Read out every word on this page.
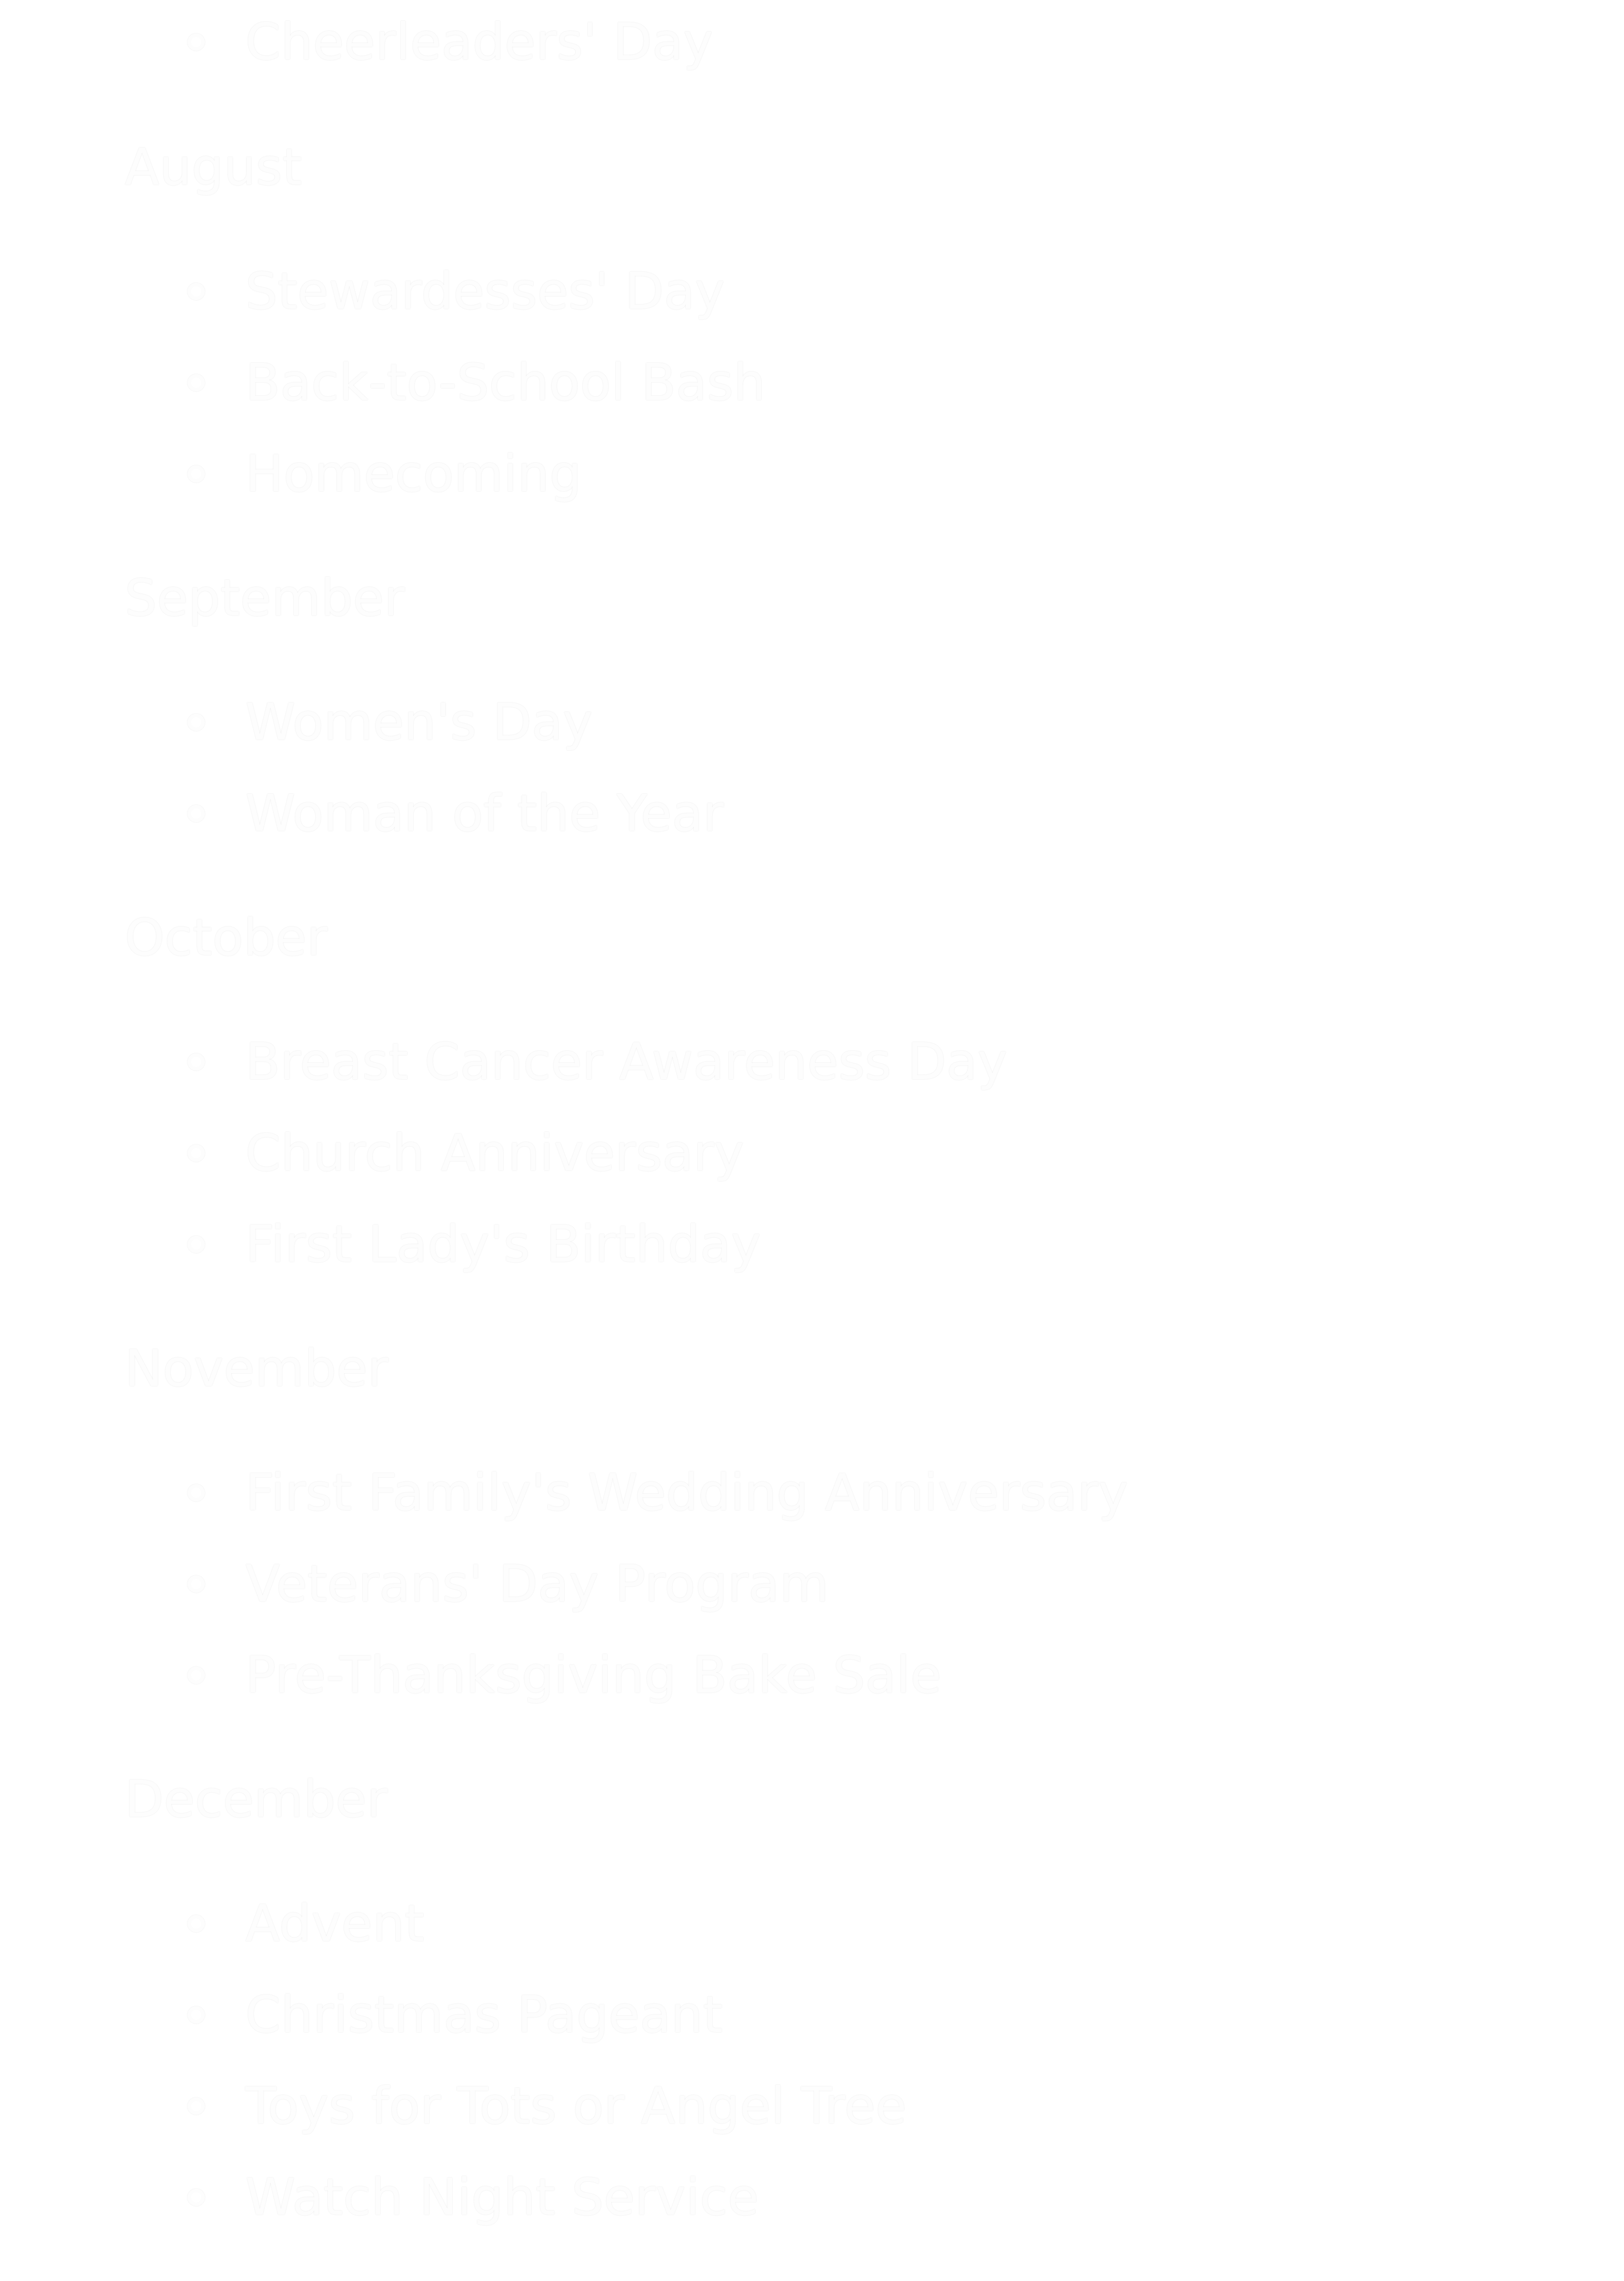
Cheerleaders' Day
August
Stewardesses' Day
Back-to-School Bash
Homecoming
September
Women's Day
Woman of the Year
October
Breast Cancer Awareness Day
Church Anniversary
First Lady's Birthday
November
First Family's Wedding Anniversary
Veterans' Day Program
Pre-Thanksgiving Bake Sale
December
Advent
Christmas Pageant
Toys for Tots or Angel Tree
Watch Night Service
